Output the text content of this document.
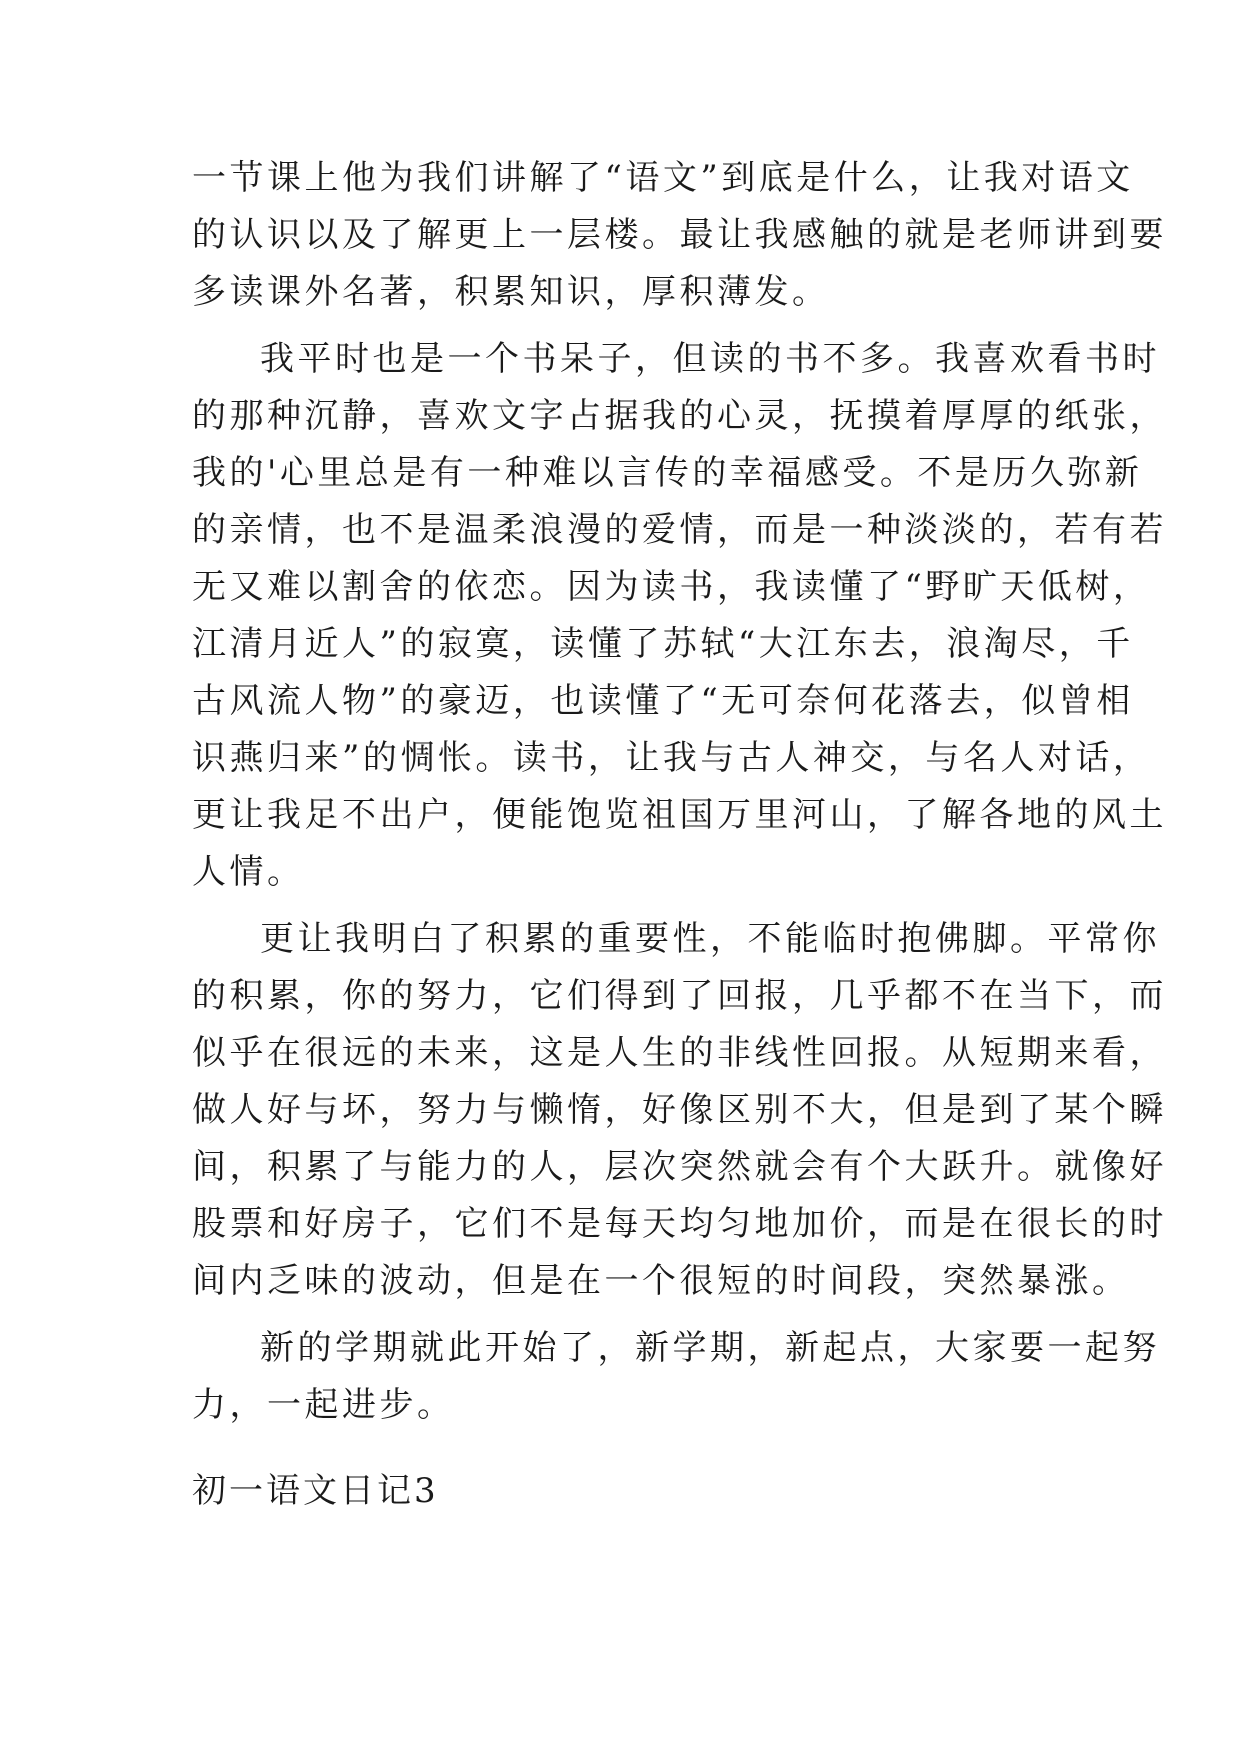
一节课上他为我们讲解了“语文”到底是什么，让我对语文
的认识以及了解更上一层楼。最让我感触的就是老师讲到要
多读课外名著，积累知识，厚积薄发。
我平时也是一个书呆子，但读的书不多。我喜欢看书时
的那种沉静，喜欢文字占据我的心灵，抚摸着厚厚的纸张，
我的'心里总是有一种难以言传的幸福感受。不是历久弥新
的亲情，也不是温柔浪漫的爱情，而是一种淡淡的，若有若
无又难以割舍的依恋。因为读书，我读懂了“野旷天低树，
江清月近人”的寂寞，读懂了苏轼“大江东去，浪淘尽，千
古风流人物”的豪迈，也读懂了“无可奈何花落去，似曾相
识燕归来”的惆怅。读书，让我与古人神交，与名人对话，
更让我足不出户，便能饱览祖国万里河山，了解各地的风土
人情。
更让我明白了积累的重要性，不能临时抱佛脚。平常你
的积累，你的努力，它们得到了回报，几乎都不在当下，而
似乎在很远的未来，这是人生的非线性回报。从短期来看，
做人好与坏，努力与懒惰，好像区别不大，但是到了某个瞬
间，积累了与能力的人，层次突然就会有个大跃升。就像好
股票和好房子，它们不是每天均匀地加价，而是在很长的时
间内乏味的波动，但是在一个很短的时间段，突然暴涨。
新的学期就此开始了，新学期，新起点，大家要一起努
力，一起进步。
初一语文日记3
